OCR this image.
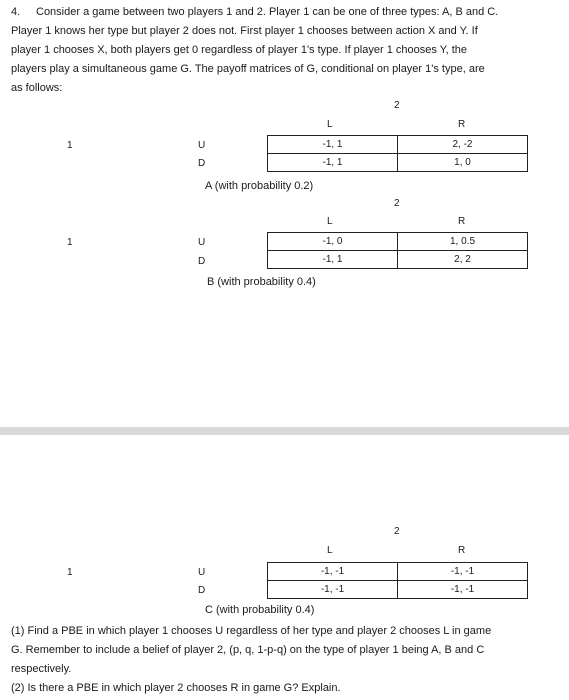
4. Consider a game between two players 1 and 2. Player 1 can be one of three types: A, B and C.
Player 1 knows her type but player 2 does not. First player 1 chooses between action X and Y. If
player 1 chooses X, both players get 0 regardless of player 1's type. If player 1 chooses Y, the
players play a simultaneous game G. The payoff matrices of G, conditional on player 1's type, are
as follows:
2
L	R
1	U
D
-1, 1	2, -2
-1, 1	1, 0
A (with probability 0.2)
2
L	R
1	U
D
-1, 0	1, 0.5
-1, 1	2, 2
B (with probability 0.4)
2
L	R
1	U
D
-1, -1	-1, -1
-1, -1	-1, -1
C (with probability 0.4)
(1) Find a PBE in which player 1 chooses U regardless of her type and player 2 chooses L in game
G. Remember to include a belief of player 2, (p, q, 1-p-q) on the type of player 1 being A, B and C
respectively.
(2) Is there a PBE in which player 2 chooses R in game G? Explain.
